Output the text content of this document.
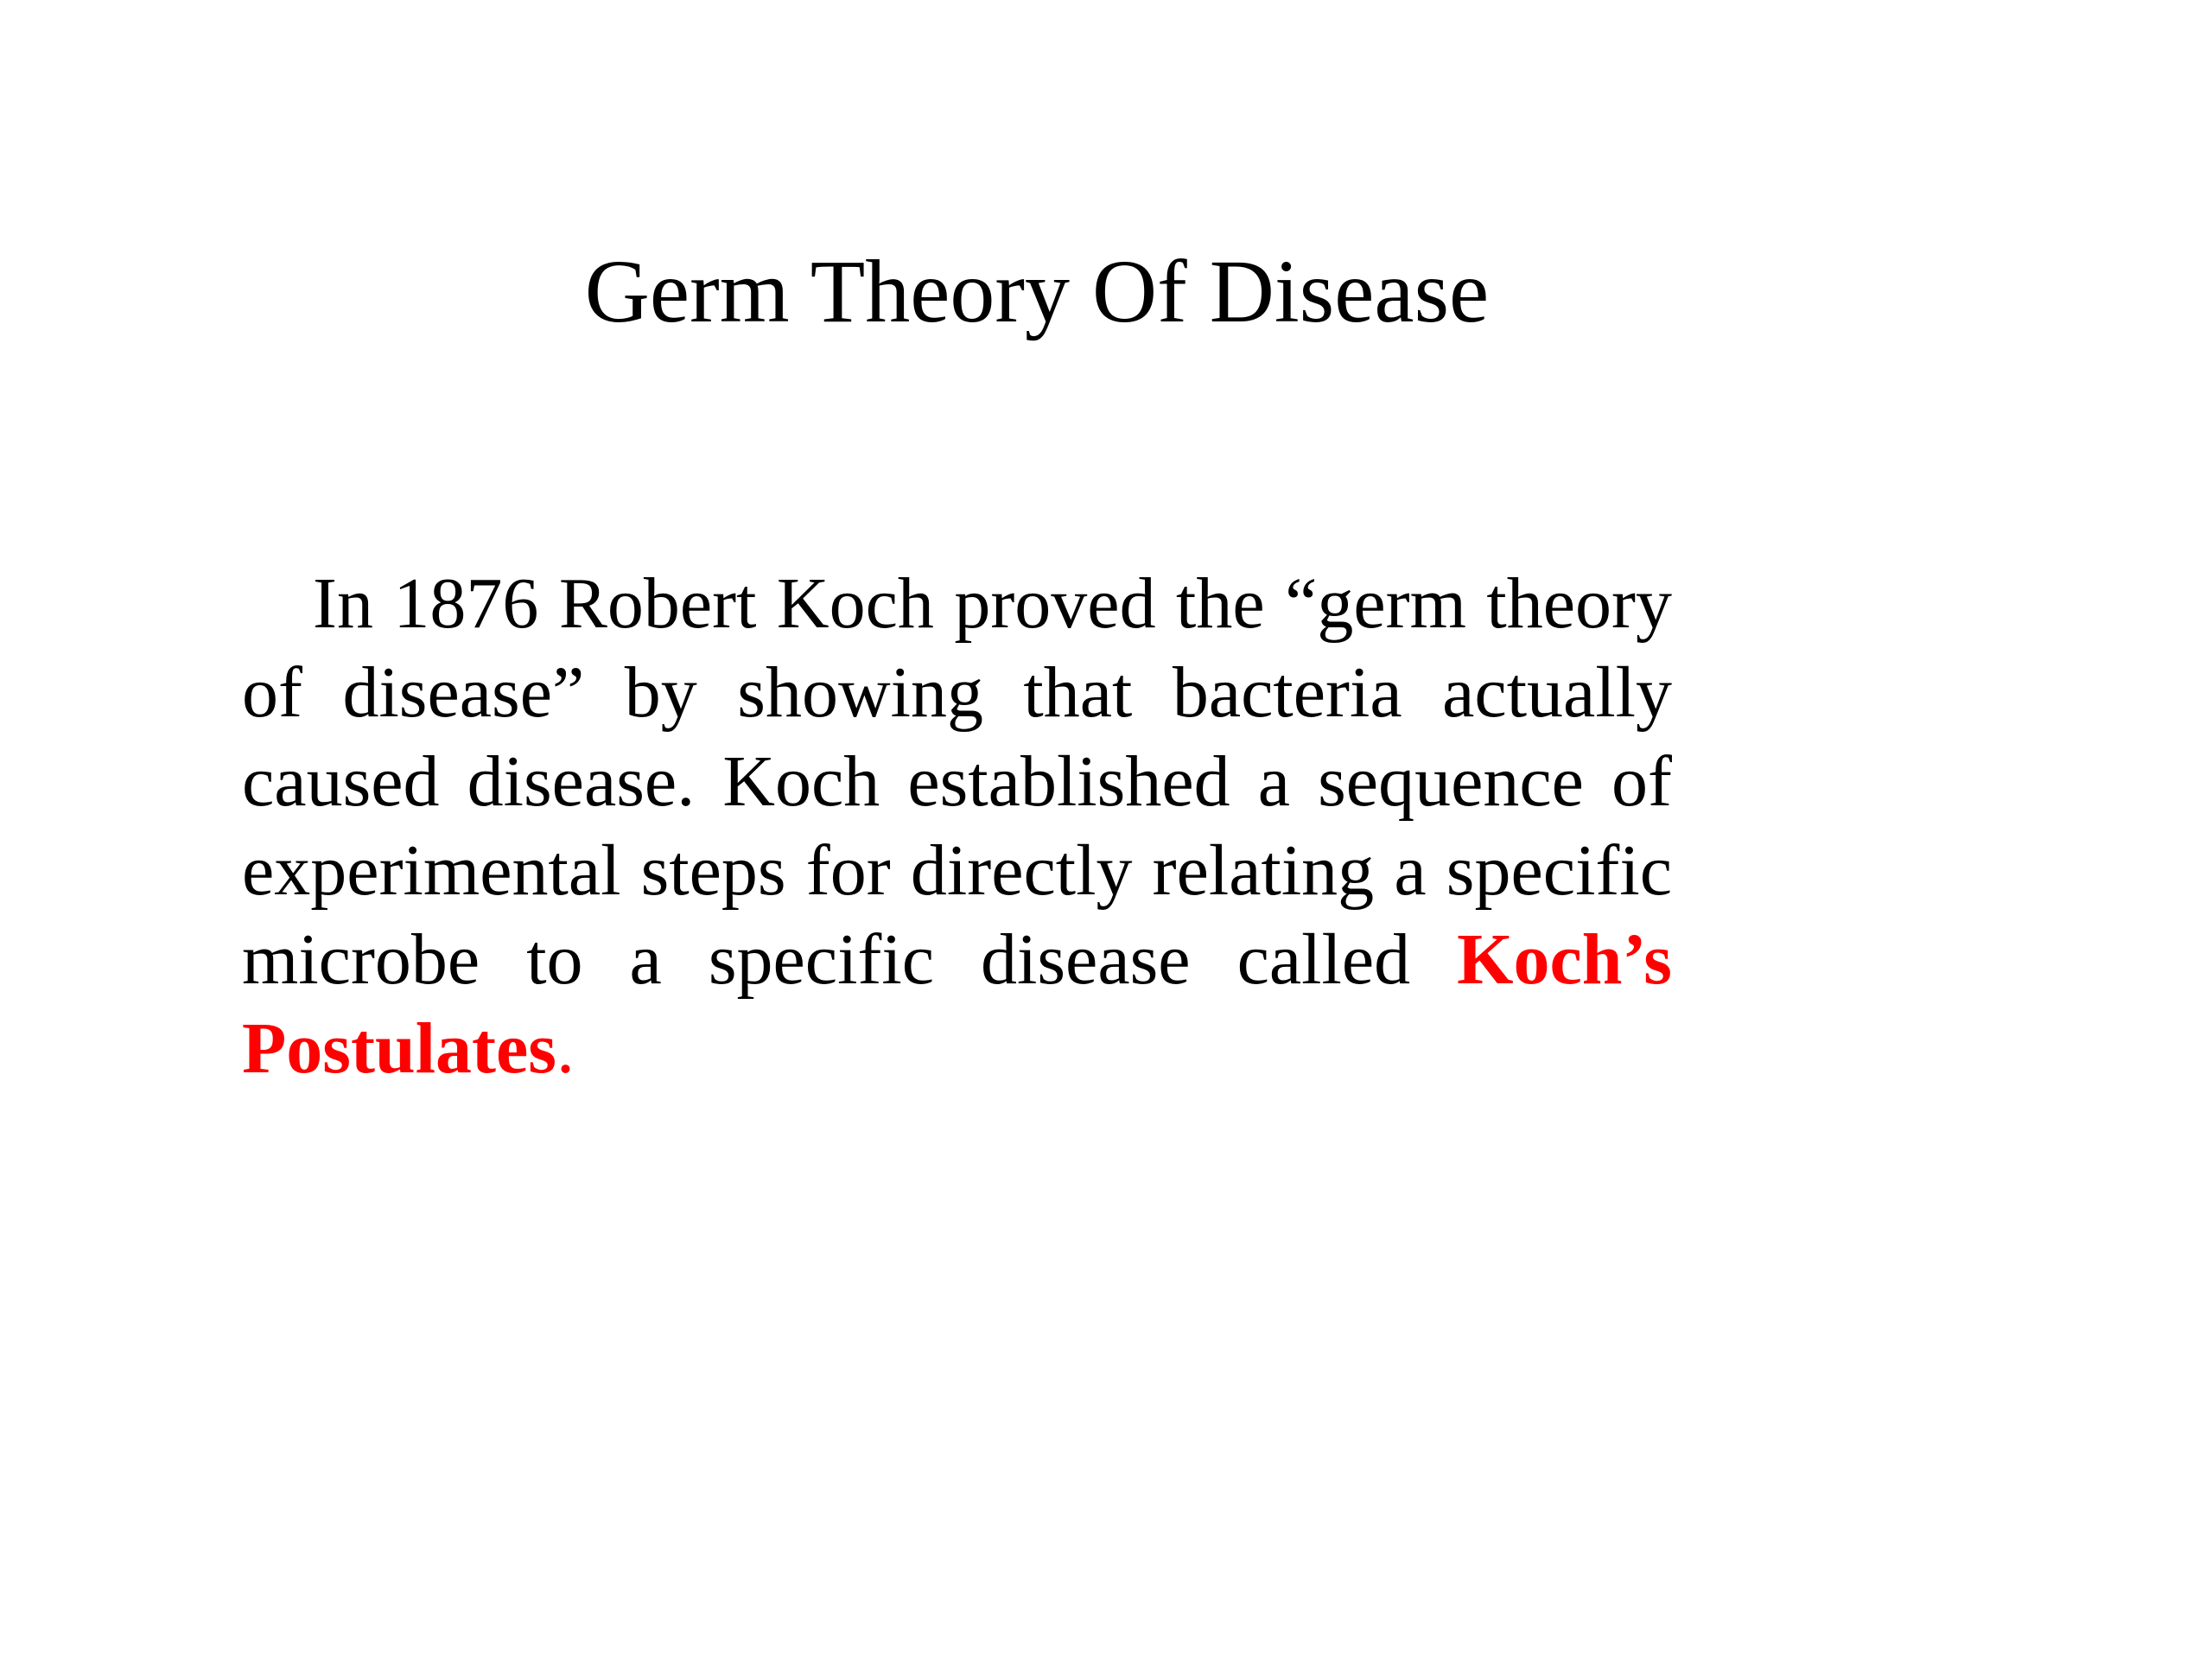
Germ Theory Of Disease

In 1876 Robert Koch proved the “germ theory of disease” by showing that bacteria actually caused disease. Koch established a sequence of experimental steps for directly relating a specific microbe to a specific disease called Koch’s Postulates.
